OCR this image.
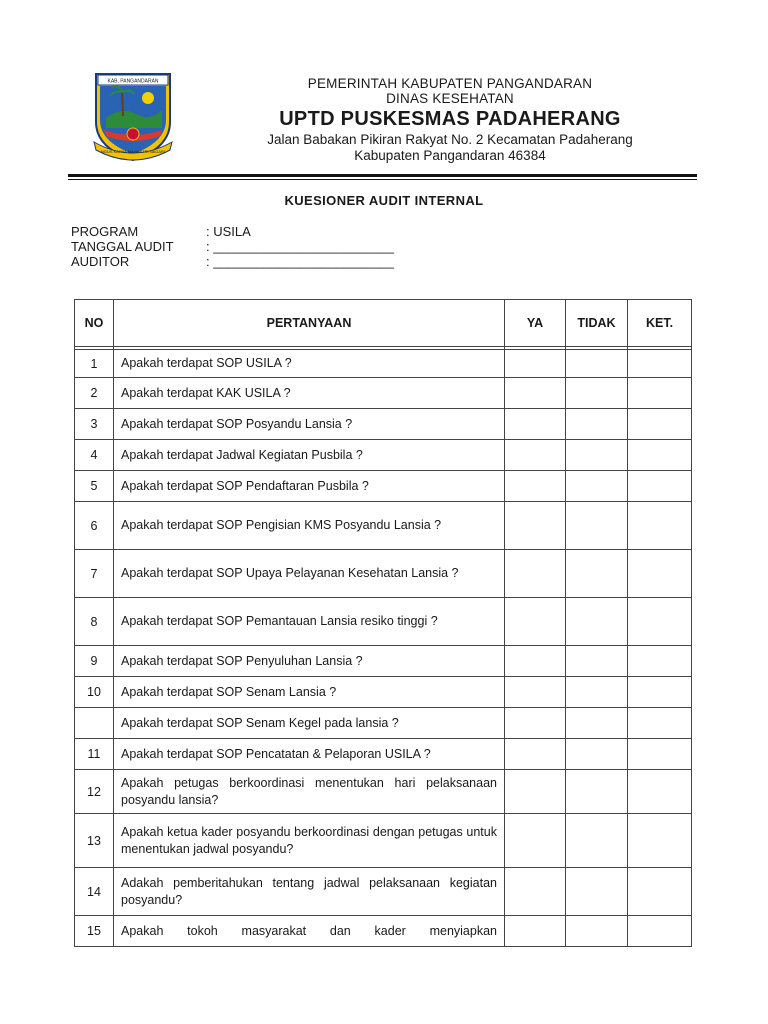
KAB. PANGANDARAN
NGUS KARYA MAHANTRI NAGARI
PEMERINTAH KABUPATEN PANGANDARAN
DINAS KESEHATAN
UPTD PUSKESMAS PADAHERANG
Jalan Babakan Pikiran Rakyat No. 2 Kecamatan Padaherang
Kabupaten Pangandaran 46384
KUESIONER AUDIT INTERNAL
PROGRAM	: USILA
TANGGAL AUDIT	: _________________________
AUDITOR	: _________________________
NO	PERTANYAAN	YA	TIDAK	KET.

1	Apakah terdapat SOP USILA ?			
2	Apakah terdapat KAK USILA ?			
3	Apakah terdapat SOP Posyandu Lansia ?			
4	Apakah terdapat Jadwal Kegiatan Pusbila ?			
5	Apakah terdapat SOP Pendaftaran Pusbila ?			
6	Apakah terdapat SOP Pengisian KMS Posyandu Lansia ?			
7	Apakah terdapat SOP Upaya Pelayanan Kesehatan Lansia ?			
8	Apakah terdapat SOP Pemantauan Lansia resiko tinggi ?			
9	Apakah terdapat SOP Penyuluhan Lansia ?			
10	Apakah terdapat SOP Senam Lansia ?			
	Apakah terdapat SOP Senam Kegel pada lansia ?			
11	Apakah terdapat SOP Pencatatan & Pelaporan USILA ?			
12	Apakah petugas berkoordinasi menentukan hari pelaksanaan posyandu lansia?			
13	Apakah ketua kader posyandu berkoordinasi dengan petugas untuk menentukan jadwal posyandu?			
14	Adakah pemberitahukan tentang jadwal pelaksanaan kegiatan posyandu?			
15	Apakah tokoh masyarakat dan kader menyiapkan			
